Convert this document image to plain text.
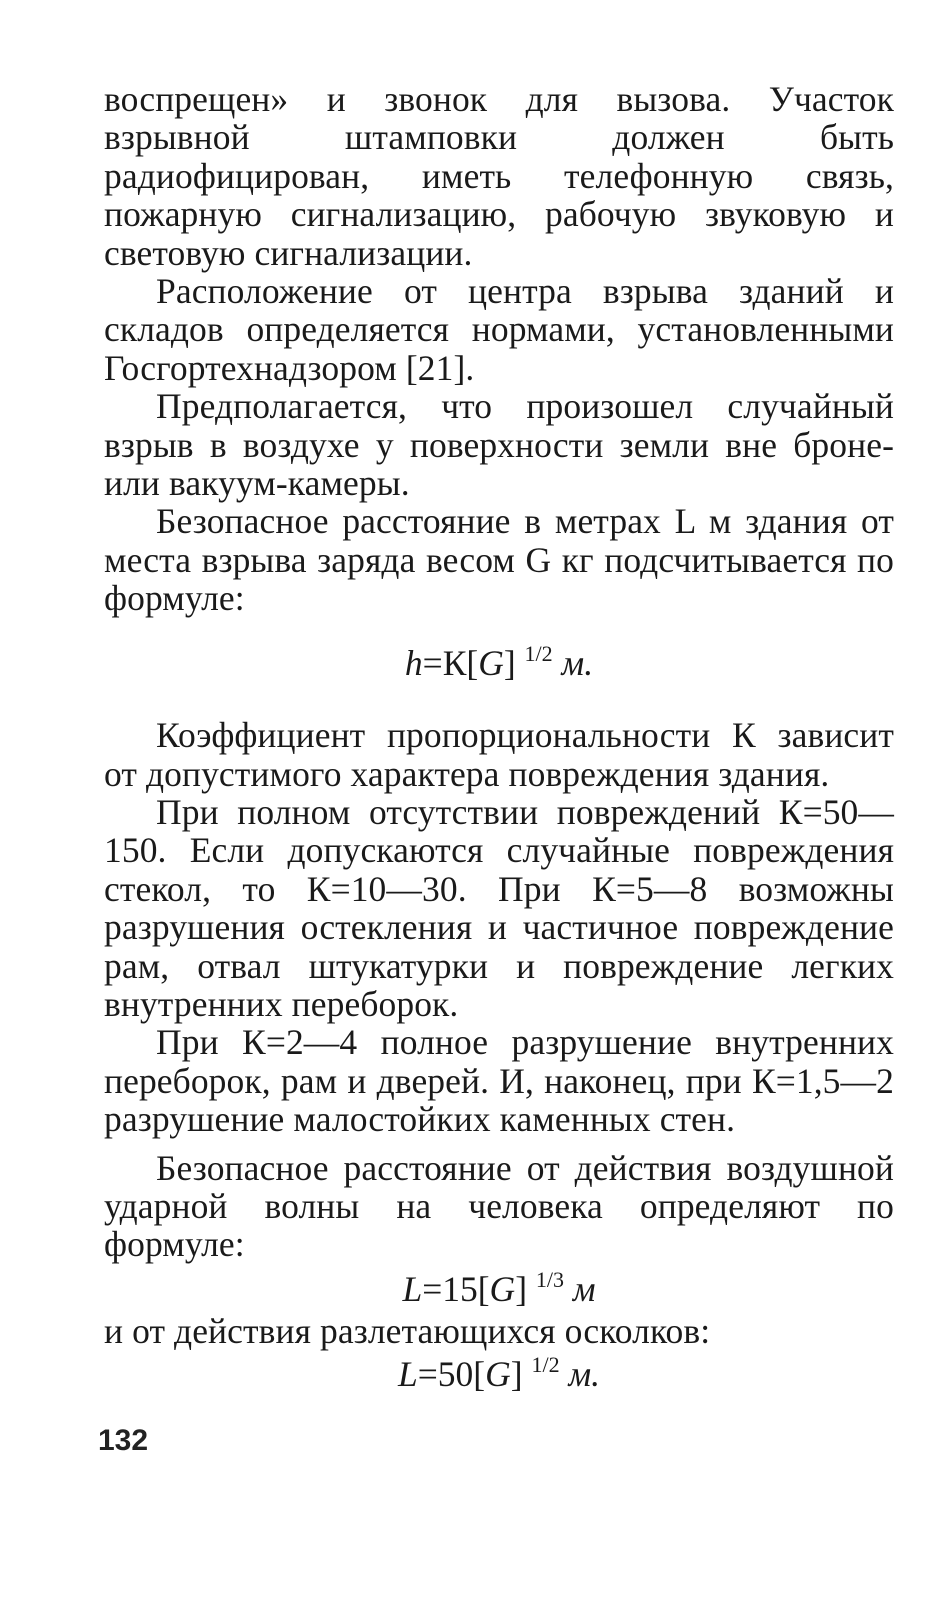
воспрещен» и звонок для вызова. Участок взрывной штамповки должен быть радиофицирован, иметь телефонную связь, пожарную сигнализацию, рабочую звуковую и световую сигнализации.

Расположение от центра взрыва зданий и складов определяется нормами, установленными Госгортехнадзором [21].

Предполагается, что произошел случайный взрыв в воздухе у поверхности земли вне броне- или вакуум-камеры.

Безопасное расстояние в метрах L м здания от места взрыва заряда весом G кг подсчитывается по формуле:

h=К[G] $^{1/2}$ м.

Коэффициент пропорциональности К зависит от допустимого характера повреждения здания.

При полном отсутствии повреждений К=50—150. Если допускаются случайные повреждения стекол, то К=10—30. При К=5—8 возможны разрушения остекления и частичное повреждение рам, отвал штукатурки и повреждение легких внутренних переборок.

При К=2—4 полное разрушение внутренних переборок, рам и дверей. И, наконец, при К=1,5—2 разрушение малостойких каменных стен.

Безопасное расстояние от действия воздушной ударной волны на человека определяют по формуле:

L=15[G] $^{1/3}$ м

и от действия разлетающихся осколков:

L=50[G] $^{1/2}$ м.

132
